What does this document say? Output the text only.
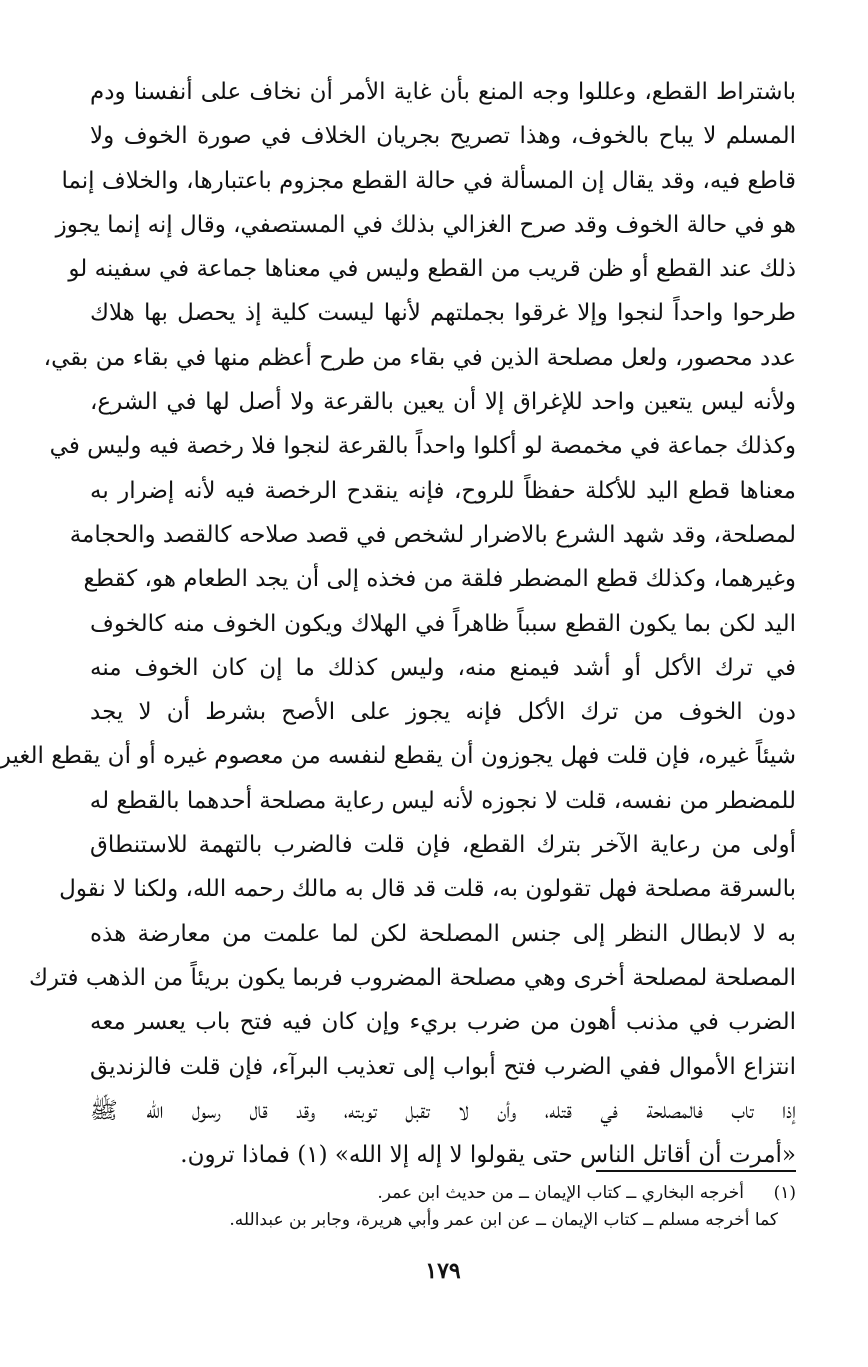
باشتراط القطع، وعللوا وجه المنع بأن غاية الأمر أن نخاف على أنفسنا ودم
المسلم لا يباح بالخوف، وهذا تصريح بجريان الخلاف في صورة الخوف ولا
قاطع فيه، وقد يقال إن المسألة في حالة القطع مجزوم باعتبارها، والخلاف إنما
هو في حالة الخوف وقد صرح الغزالي بذلك في المستصفي، وقال إنه إنما يجوز
ذلك عند القطع أو ظن قريب من القطع وليس في معناها جماعة في سفينه لو
طرحوا واحداً لنجوا وإلا غرقوا بجملتهم لأنها ليست كلية إذ يحصل بها هلاك
عدد محصور، ولعل مصلحة الذين في بقاء من طرح أعظم منها في بقاء من بقي،
ولأنه ليس يتعين واحد للإغراق إلا أن يعين بالقرعة ولا أصل لها في الشرع،
وكذلك جماعة في مخمصة لو أكلوا واحداً بالقرعة لنجوا فلا رخصة فيه وليس في
معناها قطع اليد للأكلة حفظاً للروح، فإنه ينقدح الرخصة فيه لأنه إضرار به
لمصلحة، وقد شهد الشرع بالاضرار لشخص في قصد صلاحه كالقصد والحجامة
وغيرهما، وكذلك قطع المضطر فلقة من فخذه إلى أن يجد الطعام هو، كقطع
اليد لكن بما يكون القطع سبباً ظاهراً في الهلاك ويكون الخوف منه كالخوف
في ترك الأكل أو أشد فيمنع منه، وليس كذلك ما إن كان الخوف منه
دون الخوف من ترك الأكل فإنه يجوز على الأصح بشرط أن لا يجد
شيئاً غيره، فإن قلت فهل يجوزون أن يقطع لنفسه من معصوم غيره أو أن يقطع الغير
للمضطر من نفسه، قلت لا نجوزه لأنه ليس رعاية مصلحة أحدهما بالقطع له
أولى من رعاية الآخر بترك القطع، فإن قلت فالضرب بالتهمة للاستنطاق
بالسرقة مصلحة فهل تقولون به، قلت قد قال به مالك رحمه الله، ولكنا لا نقول
به لا لابطال النظر إلى جنس المصلحة لكن لما علمت من معارضة هذه
المصلحة لمصلحة أخرى وهي مصلحة المضروب فربما يكون بريئاً من الذهب فترك
الضرب في مذنب أهون من ضرب بريء وإن كان فيه فتح باب يعسر معه
انتزاع الأموال ففي الضرب فتح أبواب إلى تعذيب البرآء، فإن قلت فالزنديق
إذا تاب فالمصلحة في قتله، وأن لا تقبل توبته، وقد قال رسول الله ﷺ
«أمرت أن أقاتل الناس حتى يقولوا لا إله إلا الله» (١) فماذا ترون.
(١)أخرجه البخاري ــ كتاب الإيمان ــ من حديث ابن عمر.
كما أخرجه مسلم ــ كتاب الإيمان ــ عن ابن عمر وأبي هريرة، وجابر بن عبدالله.
١٧٩
